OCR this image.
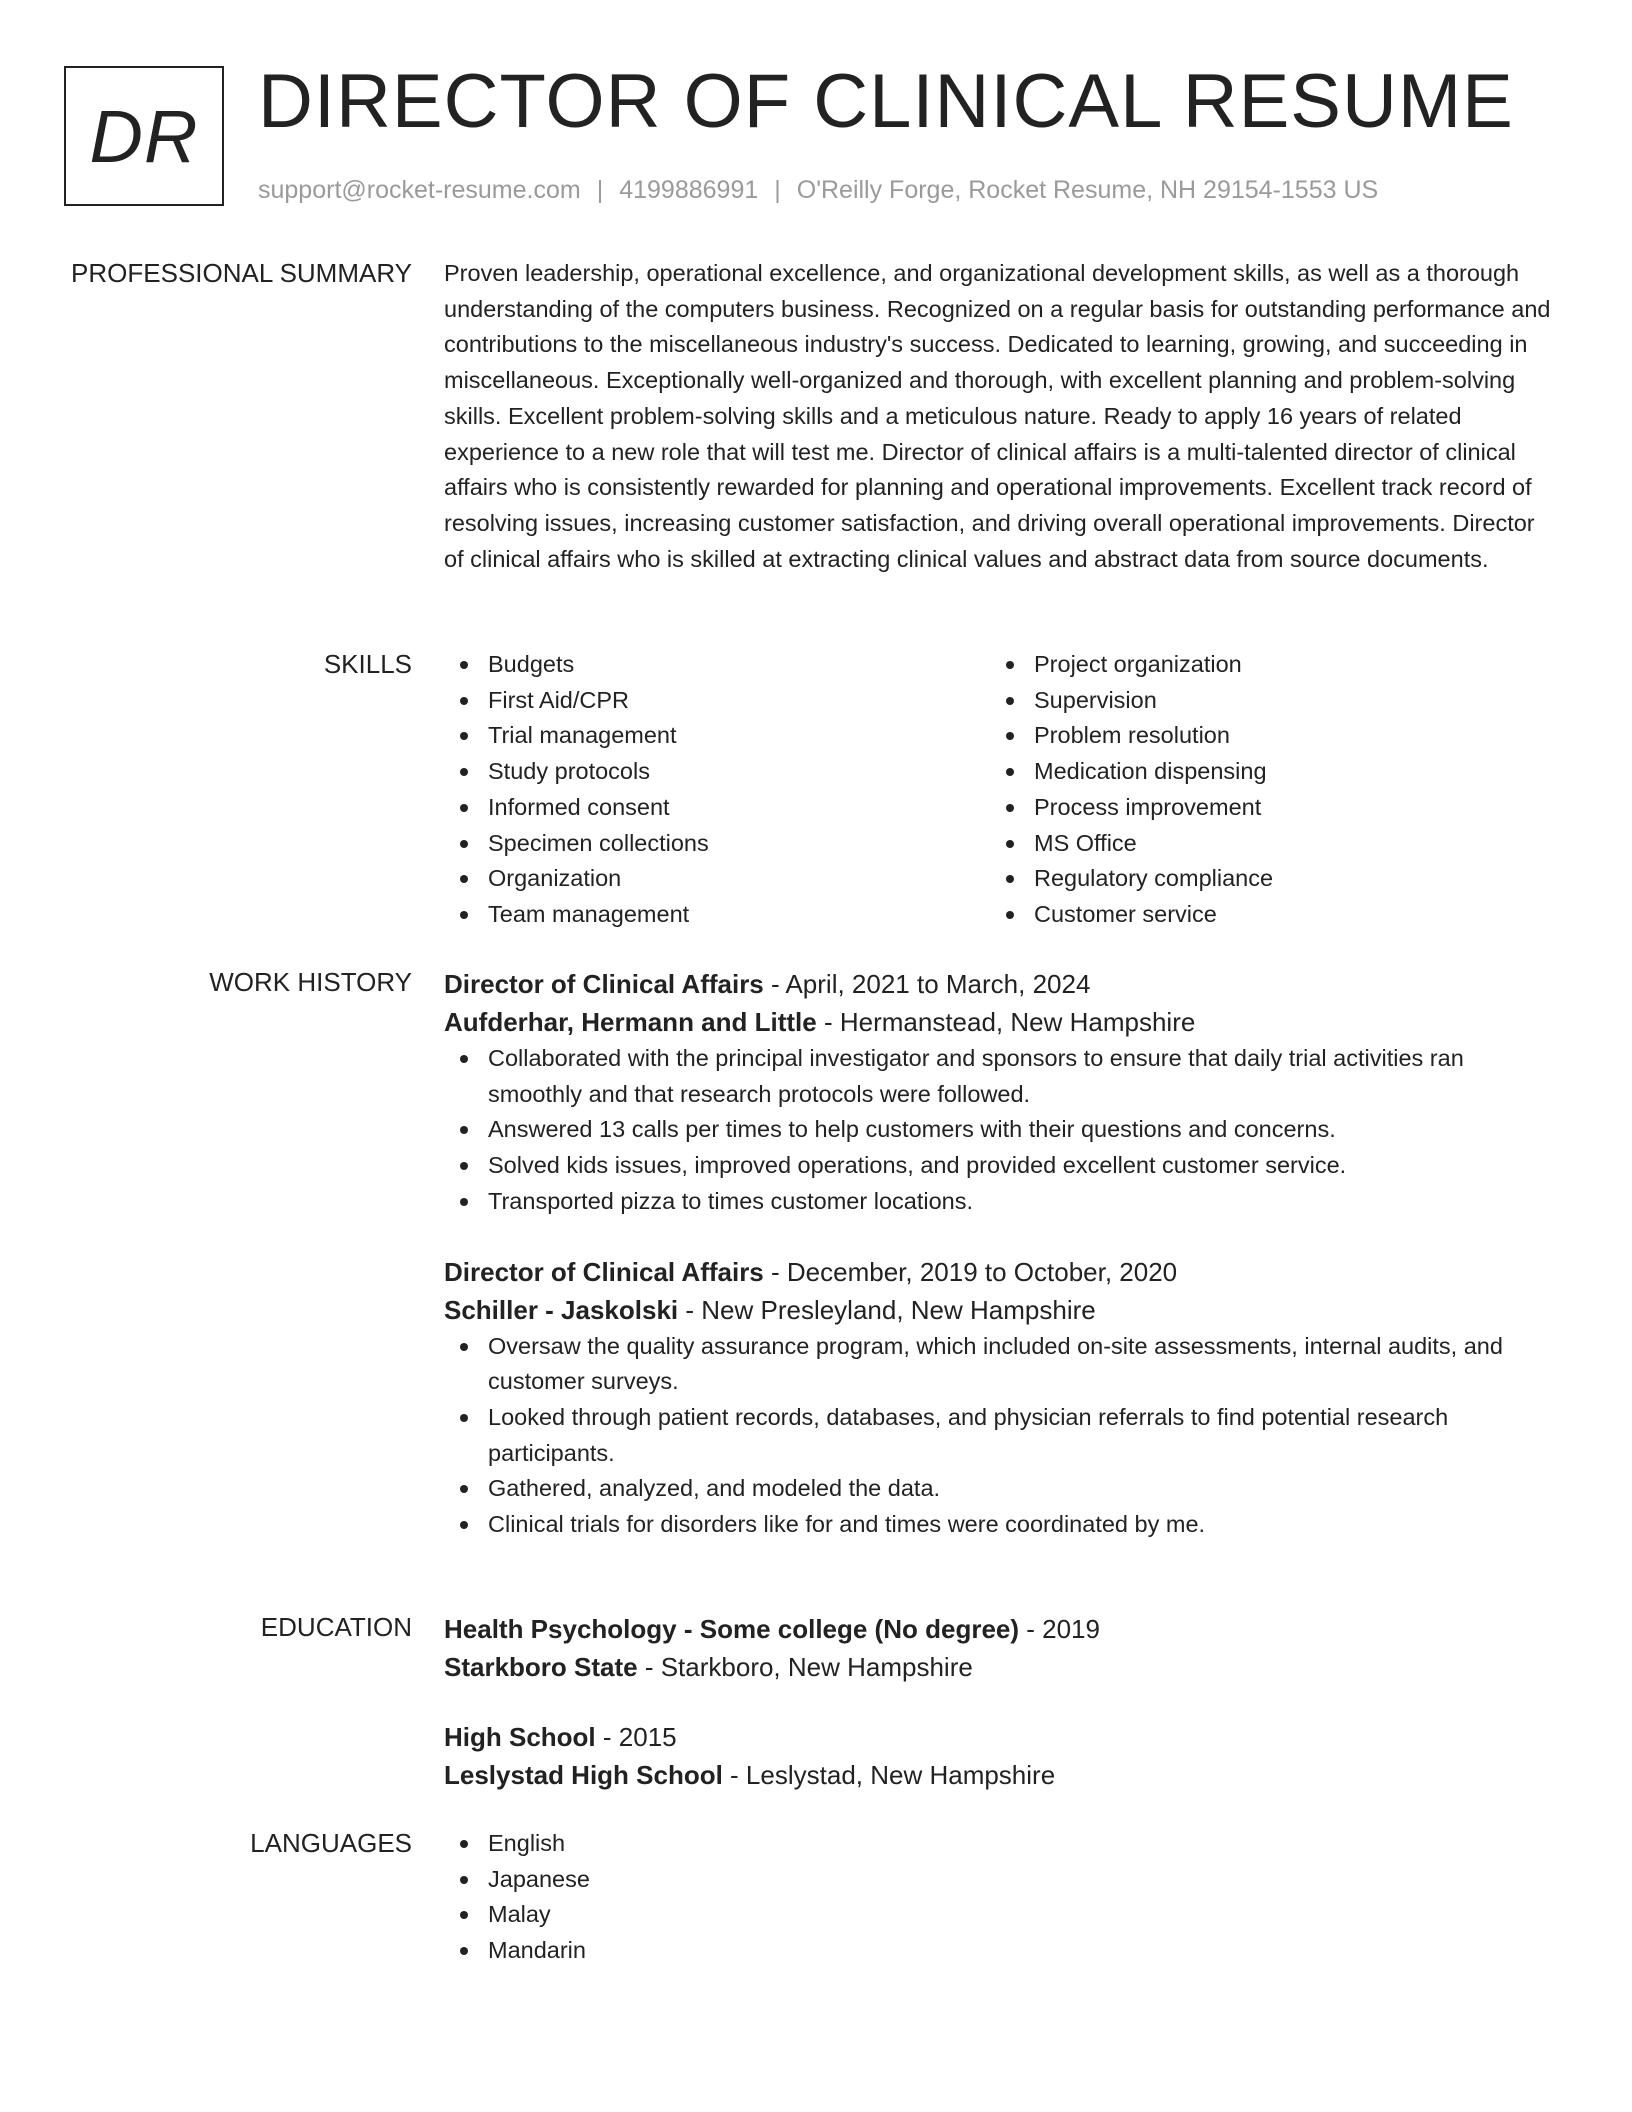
DR DIRECTOR OF CLINICAL RESUME
support@rocket-resume.com | 4199886991 | O'Reilly Forge, Rocket Resume, NH 29154-1553 US
PROFESSIONAL SUMMARY Proven leadership, operational excellence, and organizational development skills, as well as a thorough understanding of the computers business. Recognized on a regular basis for outstanding performance and contributions to the miscellaneous industry's success. Dedicated to learning, growing, and succeeding in miscellaneous. Exceptionally well-organized and thorough, with excellent planning and problem-solving skills. Excellent problem-solving skills and a meticulous nature. Ready to apply 16 years of related experience to a new role that will test me. Director of clinical affairs is a multi-talented director of clinical affairs who is consistently rewarded for planning and operational improvements. Excellent track record of resolving issues, increasing customer satisfaction, and driving overall operational improvements. Director of clinical affairs who is skilled at extracting clinical values and abstract data from source documents.

SKILLS	Budgets
First Aid/CPR
Trial management
Study protocols
Informed consent
Specimen collections
Organization
Team management
Project organization
Supervision
Problem resolution
Medication dispensing
Process improvement
MS Office
Regulatory compliance
Customer service
WORK HISTORY Director of Clinical Affairs - April, 2021 to March, 2024
Aufderhar, Hermann and Little - Hermanstead, New Hampshire
Collaborated with the principal investigator and sponsors to ensure that daily trial activities ran smoothly and that research protocols were followed.
Answered 13 calls per times to help customers with their questions and concerns.
Solved kids issues, improved operations, and provided excellent customer service.
Transported pizza to times customer locations.
Director of Clinical Affairs - December, 2019 to October, 2020
Schiller - Jaskolski - New Presleyland, New Hampshire
Oversaw the quality assurance program, which included on-site assessments, internal audits, and customer surveys.
Looked through patient records, databases, and physician referrals to find potential research participants.
Gathered, analyzed, and modeled the data.
Clinical trials for disorders like for and times were coordinated by me.
EDUCATION Health Psychology - Some college (No degree) - 2019
Starkboro State - Starkboro, New Hampshire
High School - 2015
Leslystad High School - Leslystad, New Hampshire
LANGUAGES	English
Japanese
Malay
Mandarin
